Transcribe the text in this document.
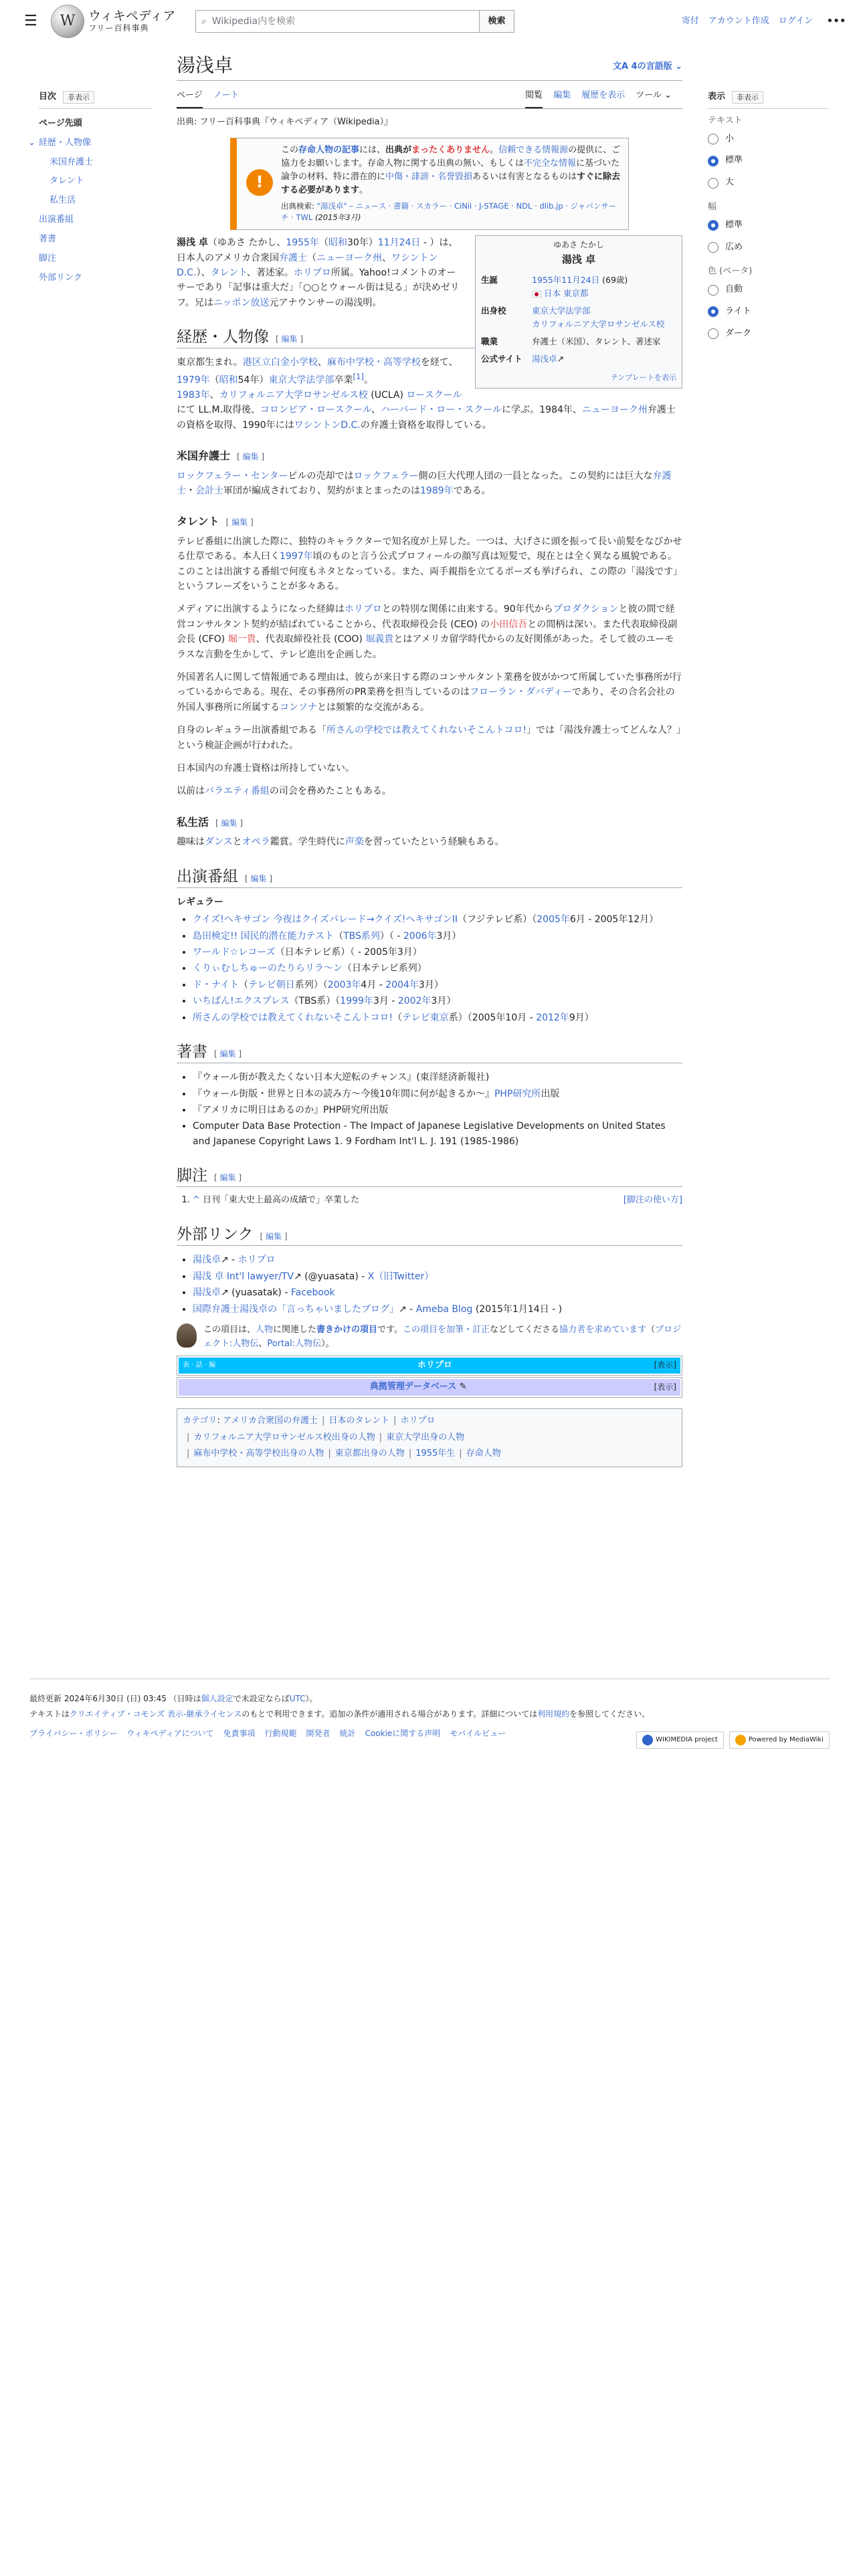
☰	W	ウィキペディア
フリー百科事典
⌕ Wikipedia内を検索	検索	寄付 アカウント作成 ログイン •••
目次	非表示
ページ先頭
⌄ 経歴・人物像
米国弁護士
タレント
私生活
出演番組
著書
脚注
外部リンク
表示	非表示
テキスト
小
標準
大
幅
標準
広め
色 (ベータ)
自動
ライト
ダーク
湯浅卓	文A 4の言語版 ⌄
ページ ノート	閲覧 編集 履歴を表示 ツール ⌄
出典: フリー百科事典『ウィキペディア（Wikipedia）』
!
この存命人物の記事には、出典がまったくありません。信頼できる情報源の提供に、ご協力をお願いします。存命人物に関する出典の無い、もしくは不完全な情報に基づいた論争の材料、特に潜在的に中傷・誹謗・名誉毀損あるいは有害となるものはすぐに除去する必要があります。
出典検索: "湯浅卓" – ニュース · 書籍 · スカラー · CiNii · J-STAGE · NDL · dlib.jp · ジャパンサーチ · TWL (2015年3月)
ゆあさ たかし
湯浅 卓
生誕	1955年11月24日 (69歳)
日本 東京都
出身校	東京大学法学部
カリフォルニア大学ロサンゼルス校
職業	弁護士（米国）、タレント、著述家
公式サイト	湯浅卓↗
テンプレートを表示

湯浅 卓（ゆあさ たかし、1955年（昭和30年）11月24日 - ）は、日本人のアメリカ合衆国弁護士（ニューヨーク州、ワシントンD.C.）、タレント、著述家。ホリプロ所属。Yahoo!コメントのオーサーであり「記事は重大だ」「○○とウォール街は見る」が決めゼリフ。兄はニッポン放送元アナウンサーの湯浅明。

経歴・人物像 [ 編集 ]

東京都生まれ。港区立白金小学校、麻布中学校・高等学校を経て、1979年（昭和54年）東京大学法学部卒業[1]。
1983年、カリフォルニア大学ロサンゼルス校 (UCLA) ロースクールにて LL.M.取得後、コロンビア・ロースクール、ハーバード・ロー・スクールに学ぶ。1984年、ニューヨーク州弁護士の資格を取得、1990年にはワシントンD.C.の弁護士資格を取得している。

米国弁護士 [ 編集 ]

ロックフェラー・センタービルの売却ではロックフェラー側の巨大代理人団の一員となった。この契約には巨大な弁護士・会計士軍団が編成されており、契約がまとまったのは1989年である。

タレント [ 編集 ]

テレビ番組に出演した際に、独特のキャラクターで知名度が上昇した。一つは、大げさに頭を振って長い前髪をなびかせる仕草である。本人曰く1997年頃のものと言う公式プロフィールの顔写真は短髪で、現在とは全く異なる風貌である。このことは出演する番組で何度もネタとなっている。また、両手親指を立てるポーズも挙げられ、この際の「湯浅です」というフレーズをいうことが多々ある。

メディアに出演するようになった経緯はホリプロとの特別な関係に由来する。90年代からプロダクションと彼の間で経営コンサルタント契約が結ばれていることから、代表取締役会長 (CEO) の小田信吾との間柄は深い。また代表取締役副会長 (CFO) 堀一貴、代表取締役社長 (COO) 堀義貴とはアメリカ留学時代からの友好関係があった。そして彼のユーモラスな言動を生かして、テレビ進出を企画した。

外国著名人に関して情報通である理由は、彼らが来日する際のコンサルタント業務を彼がかつて所属していた事務所が行っているからである。現在、その事務所のPR業務を担当しているのはフローラン・ダバディーであり、その合名会社の外国人事務所に所属するコンソナとは頻繁的な交流がある。

自身のレギュラー出演番組である「所さんの学校では教えてくれないそこんトコロ!」では「湯浅弁護士ってどんな人？」という検証企画が行われた。

日本国内の弁護士資格は所持していない。

以前はバラエティ番組の司会を務めたこともある。

私生活 [ 編集 ]

趣味はダンスとオペラ鑑賞。学生時代に声楽を習っていたという経験もある。

出演番組 [ 編集 ]
レギュラー
• クイズ!ヘキサゴン 今夜はクイズパレード→クイズ!ヘキサゴンII（フジテレビ系）（2005年6月 - 2005年12月）
• 島田検定!! 国民的潜在能力テスト（TBS系列）（ - 2006年3月）
• ワールド☆レコーズ（日本テレビ系）（ - 2005年3月）
• くりぃむしちゅーのたりらリラ〜ン（日本テレビ系列）
• ド・ナイト（テレビ朝日系列）（2003年4月 - 2004年3月）
• いちばん!エクスプレス（TBS系）（1999年3月 - 2002年3月）
• 所さんの学校では教えてくれないそこんトコロ!（テレビ東京系）（2005年10月 - 2012年9月）
著書 [ 編集 ]
• 『ウォール街が教えたくない日本大逆転のチャンス』(東洋経済新報社)
• 『ウォール街版・世界と日本の読み方〜今後10年間に何が起きるか〜』PHP研究所出版
• 『アメリカに明日はあるのか』PHP研究所出版
• Computer Data Base Protection - The Impact of Japanese Legislative Developments on United States and Japanese Copyright Laws 1. 9 Fordham Int'l L. J. 191 (1985-1986)
脚注 [ 編集 ]
1. ^ 日刊「東大史上最高の成績で」卒業した	[脚注の使い方]
外部リンク [ 編集 ]
• 湯浅卓↗ - ホリプロ
• 湯浅 卓 Int'l lawyer/TV↗ (@yuasata) - X（旧Twitter）
• 湯浅卓↗ (yuasatak) - Facebook
• 国際弁護士湯浅卓の「言っちゃいましたブログ」↗ - Ameba Blog (2015年1月14日 - )
この項目は、人物に関連した書きかけの項目です。この項目を加筆・訂正などしてくださる協力者を求めています（プロジェクト:人物伝、Portal:人物伝）。
表 · 話 · 編	ホリプロ	[表示]
典拠管理データベース ✎	[表示]
カテゴリ: アメリカ合衆国の弁護士 | 日本のタレント | ホリプロ
| カリフォルニア大学ロサンゼルス校出身の人物 | 東京大学出身の人物
| 麻布中学校・高等学校出身の人物 | 東京都出身の人物 | 1955年生 | 存命人物
最終更新 2024年6月30日 (日) 03:45 （日時は個人設定で未設定ならばUTC）。
テキストはクリエイティブ・コモンズ 表示-継承ライセンスのもとで利用できます。追加の条件が適用される場合があります。詳細については利用規約を参照してください。
プライバシー・ポリシー ウィキペディアについて 免責事項 行動規範 開発者 統計 Cookieに関する声明 モバイルビュー
WIKIMEDIA project	Powered by MediaWiki
